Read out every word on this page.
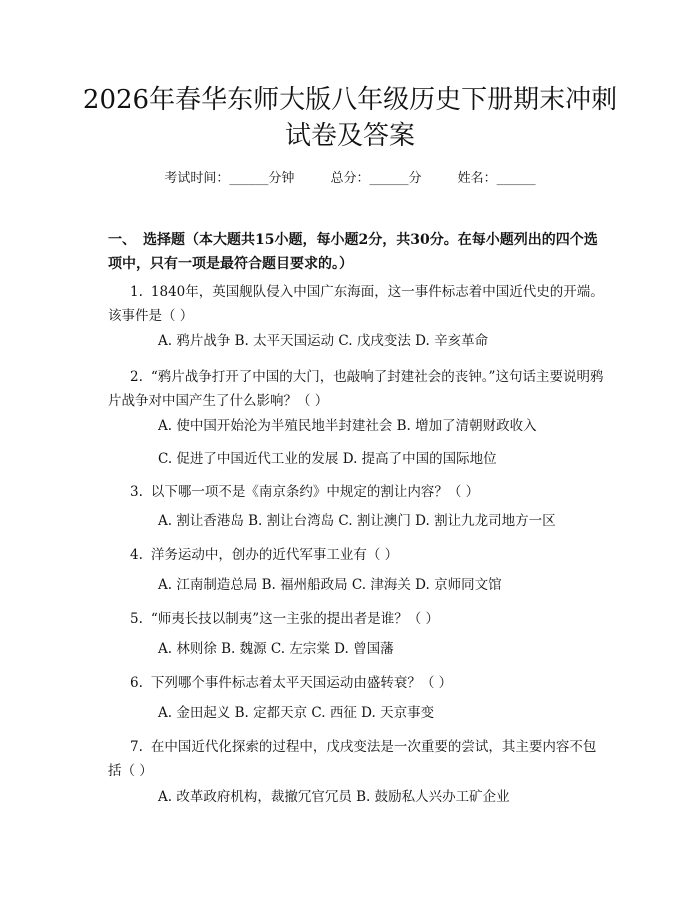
2026年春华东师大版八年级历史下册期末冲刺试卷及答案
考试时间：______分钟	总分：______分	姓名：______

一、　选择题（本大题共15小题，每小题2分，共30分。在每小题列出的四个选项中，只有一项是最符合题目要求的。）

1. 1840年，英国舰队侵入中国广东海面，这一事件标志着中国近代史的开端。该事件是（ ）

A. 鸦片战争 B. 太平天国运动 C. 戊戌变法 D. 辛亥革命

2. “鸦片战争打开了中国的大门，也敲响了封建社会的丧钟。”这句话主要说明鸦片战争对中国产生了什么影响？（ ）

A. 使中国开始沦为半殖民地半封建社会 B. 增加了清朝财政收入

C. 促进了中国近代工业的发展 D. 提高了中国的国际地位

3. 以下哪一项不是《南京条约》中规定的割让内容？（ ）

A. 割让香港岛 B. 割让台湾岛 C. 割让澳门 D. 割让九龙司地方一区

4. 洋务运动中，创办的近代军事工业有（ ）

A. 江南制造总局 B. 福州船政局 C. 津海关 D. 京师同文馆

5. “师夷长技以制夷”这一主张的提出者是谁？（ ）

A. 林则徐 B. 魏源 C. 左宗棠 D. 曾国藩

6. 下列哪个事件标志着太平天国运动由盛转衰？（ ）

A. 金田起义 B. 定都天京 C. 西征 D. 天京事变

7. 在中国近代化探索的过程中，戊戌变法是一次重要的尝试，其主要内容不包括（ ）

A. 改革政府机构，裁撤冗官冗员 B. 鼓励私人兴办工矿企业
